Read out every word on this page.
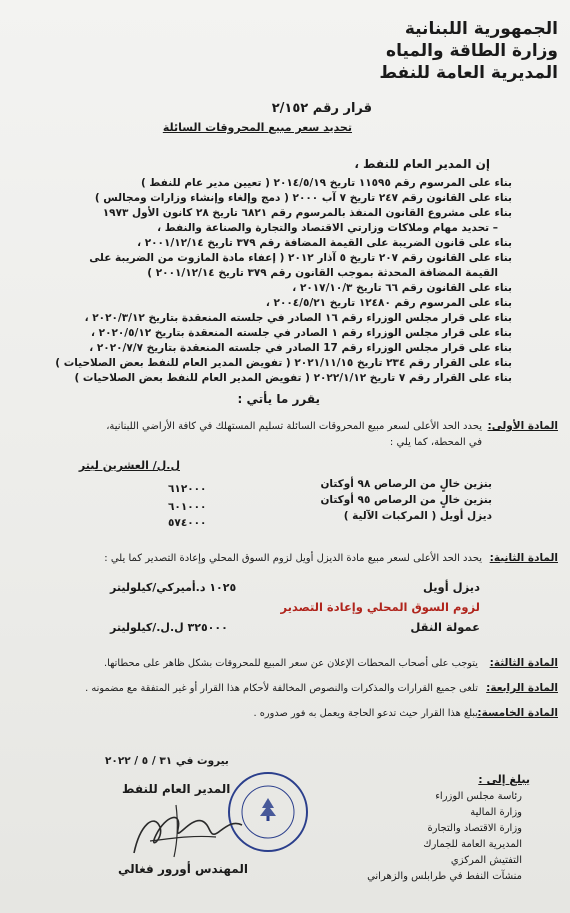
الجمهورية اللبنانية
وزارة الطاقة والمياه
المديرية العامة للنفط
قرار رقم ٢/١٥٢
تحديد سعر مبيع المحروقات السائلة
إن المدير العام للنفط ،
بناء على المرسوم رقم ١١٥٩٥ تاريخ ٢٠١٤/٥/١٩ ( تعيين مدير عام للنفط )
بناء على القانون رقم ٢٤٧ تاريخ ٧ آب ٢٠٠٠ ( دمج وإلغاء وإنشاء وزارات ومجالس )
بناء على مشروع القانون المنفذ بالمرسوم رقم ٦٨٢١ تاريخ ٢٨ كانون الأول ١٩٧٣
– تحديد مهام وملاكات وزارتي الاقتصاد والتجارة والصناعة والنفط ،
بناء على قانون الضريبة على القيمة المضافة رقم ٣٧٩ تاريخ ٢٠٠١/١٢/١٤ ،
بناء على القانون رقم ٢٠٧ تاريخ ٥ آذار ٢٠١٢ ( إعفاء مادة المازوت من الضريبة على
القيمة المضافة المحدثة بموجب القانون رقم ٣٧٩ تاريخ ٢٠٠١/١٢/١٤ )
بناء على القانون رقم ٦٦ تاريخ ٢٠١٧/١٠/٣ ،
بناء على المرسوم رقم ١٢٤٨٠ تاريخ ٢٠٠٤/٥/٢١ ،
بناء على قرار مجلس الوزراء رقم ١٦ الصادر في جلسته المنعقدة بتاريخ ٢٠٢٠/٣/١٢ ،
بناء على قرار مجلس الوزراء رقم ١ الصادر في جلسته المنعقدة بتاريخ ٢٠٢٠/٥/١٢ ،
بناء على قرار مجلس الوزراء رقم 17 الصادر في جلسته المنعقدة بتاريخ ٢٠٢٠/٧/٧ ،
بناء على القرار رقم ٢٣٤ تاريخ ٢٠٢١/١١/١٥ ( تفويض المدير العام للنفط بعض الصلاحيات )
بناء على القرار رقم ٧ تاريخ ٢٠٢٢/١/١٢ ( تفويض المدير العام للنفط بعض الصلاحيات )
يقرر ما يأتي :
المادة الأولى:
يحدد الحد الأعلى لسعر مبيع المحروقات السائلة تسليم المستهلك في كافة الأراضي اللبنانية،
في المحطة، كما يلي :
ل.ل/ العشرين ليتر
بنزين خالٍ من الرصاص ٩٨ أوكتان
٦١٢٠٠٠
بنزين خالٍ من الرصاص ٩٥ أوكتان
٦٠١٠٠٠
ديزل أويل ( المركبات الآلية )
٥٧٤٠٠٠
المادة الثانية:
يحدد الحد الأعلى لسعر مبيع مادة الديزل أويل لزوم السوق المحلي وإعادة التصدير كما يلي :
ديزل أويل
١٠٢٥ د.أميركي/كيلوليتر
لزوم السوق المحلي وإعادة التصدير
عمولة النقل
٣٢٥٠٠٠ ل.ل./كيلوليتر
المادة الثالثة:
يتوجب على أصحاب المحطات الإعلان عن سعر المبيع للمحروقات بشكل ظاهر على محطاتها.
المادة الرابعة:
تلغى جميع القرارات والمذكرات والنصوص المخالفة لأحكام هذا القرار أو غير المتفقة مع مضمونه .
المادة الخامسة:
يبلغ هذا القرار حيث تدعو الحاجة ويعمل به فور صدوره .
بيروت في ٣١ / ٥ / ٢٠٢٢
يبلغ إلى :
رئاسة مجلس الوزراء
وزارة المالية
وزارة الاقتصاد والتجارة
المديرية العامة للجمارك
التفتيش المركزي
منشآت النفط في طرابلس والزهراني
المدير العام للنفط
المهندس أورور فغالي
